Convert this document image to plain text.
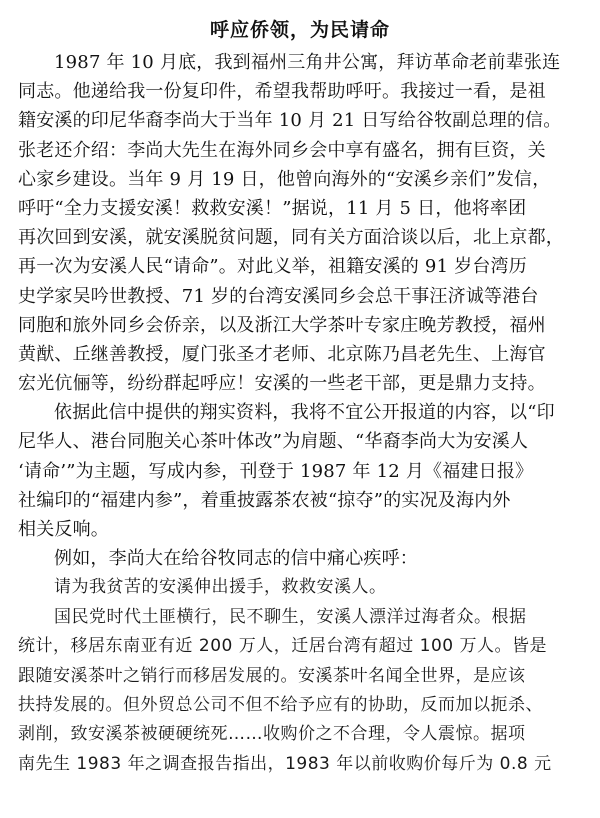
呼应侨领，为民请命
1987 年 10 月底，我到福州三角井公寓，拜访革命老前辈张连
同志。他递给我一份复印件，希望我帮助呼吁。我接过一看，是祖
籍安溪的印尼华裔李尚大于当年 10 月 21 日写给谷牧副总理的信。
张老还介绍：李尚大先生在海外同乡会中享有盛名，拥有巨资，关
心家乡建设。当年 9 月 19 日，他曾向海外的“安溪乡亲们”发信，
呼吁“全力支援安溪！救救安溪！”据说，11 月 5 日，他将率团
再次回到安溪，就安溪脱贫问题，同有关方面洽谈以后，北上京都，
再一次为安溪人民“请命”。对此义举，祖籍安溪的 91 岁台湾历
史学家吴吟世教授、71 岁的台湾安溪同乡会总干事汪济诚等港台
同胞和旅外同乡会侨亲，以及浙江大学茶叶专家庄晚芳教授，福州
黄猷、丘继善教授，厦门张圣才老师、北京陈乃昌老先生、上海官
宏光伉俪等，纷纷群起呼应！安溪的一些老干部，更是鼎力支持。
依据此信中提供的翔实资料，我将不宜公开报道的内容，以“印
尼华人、港台同胞关心茶叶体改”为肩题、“华裔李尚大为安溪人
‘请命’”为主题，写成内参，刊登于 1987 年 12 月《福建日报》
社编印的“福建内参”，着重披露茶农被“掠夺”的实况及海内外
相关反响。
例如，李尚大在给谷牧同志的信中痛心疾呼：
请为我贫苦的安溪伸出援手，救救安溪人。
国民党时代土匪横行，民不聊生，安溪人漂洋过海者众。根据
统计，移居东南亚有近 200 万人，迁居台湾有超过 100 万人。皆是
跟随安溪茶叶之销行而移居发展的。安溪茶叶名闻全世界，是应该
扶持发展的。但外贸总公司不但不给予应有的协助，反而加以扼杀、
剥削，致安溪茶被硬硬统死……收购价之不合理，令人震惊。据项
南先生 1983 年之调查报告指出，1983 年以前收购价每斤为 0.8 元
